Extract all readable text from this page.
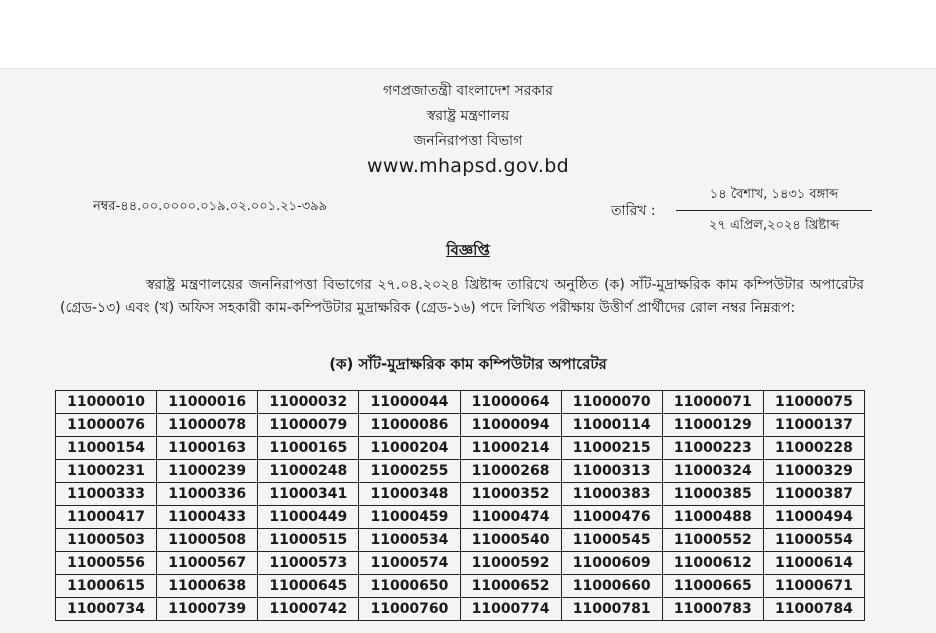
গণপ্রজাতন্ত্রী বাংলাদেশ সরকার
স্বরাষ্ট্র মন্ত্রণালয়
জননিরাপত্তা বিভাগ
www.mhapsd.gov.bd
নম্বর-৪৪.০০.০০০০.০১৯.০২.০০১.২১-৩৯৯	তারিখ :
১৪ বৈশাখ, ১৪৩১ বঙ্গাব্দ
২৭ এপ্রিল,২০২৪ খ্রিষ্টাব্দ
বিজ্ঞপ্তি
স্বরাষ্ট্র মন্ত্রণালয়ের জননিরাপত্তা বিভাগের ২৭.০৪.২০২৪ খ্রিষ্টাব্দ তারিখে অনুষ্ঠিত (ক) সাঁট-মুদ্রাক্ষরিক কাম কম্পিউটার অপারেটর (গ্রেড-১৩) এবং (খ) অফিস সহকারী কাম-কম্পিউটার মুদ্রাক্ষরিক (গ্রেড-১৬) পদে লিখিত পরীক্ষায় উত্তীর্ণ প্রার্থীদের রোল নম্বর নিম্নরূপ:
(ক) সাঁট-মুদ্রাক্ষরিক কাম কম্পিউটার অপারেটর
11000010	11000016	11000032	11000044	11000064	11000070	11000071	11000075
11000076	11000078	11000079	11000086	11000094	11000114	11000129	11000137
11000154	11000163	11000165	11000204	11000214	11000215	11000223	11000228
11000231	11000239	11000248	11000255	11000268	11000313	11000324	11000329
11000333	11000336	11000341	11000348	11000352	11000383	11000385	11000387
11000417	11000433	11000449	11000459	11000474	11000476	11000488	11000494
11000503	11000508	11000515	11000534	11000540	11000545	11000552	11000554
11000556	11000567	11000573	11000574	11000592	11000609	11000612	11000614
11000615	11000638	11000645	11000650	11000652	11000660	11000665	11000671
11000734	11000739	11000742	11000760	11000774	11000781	11000783	11000784
